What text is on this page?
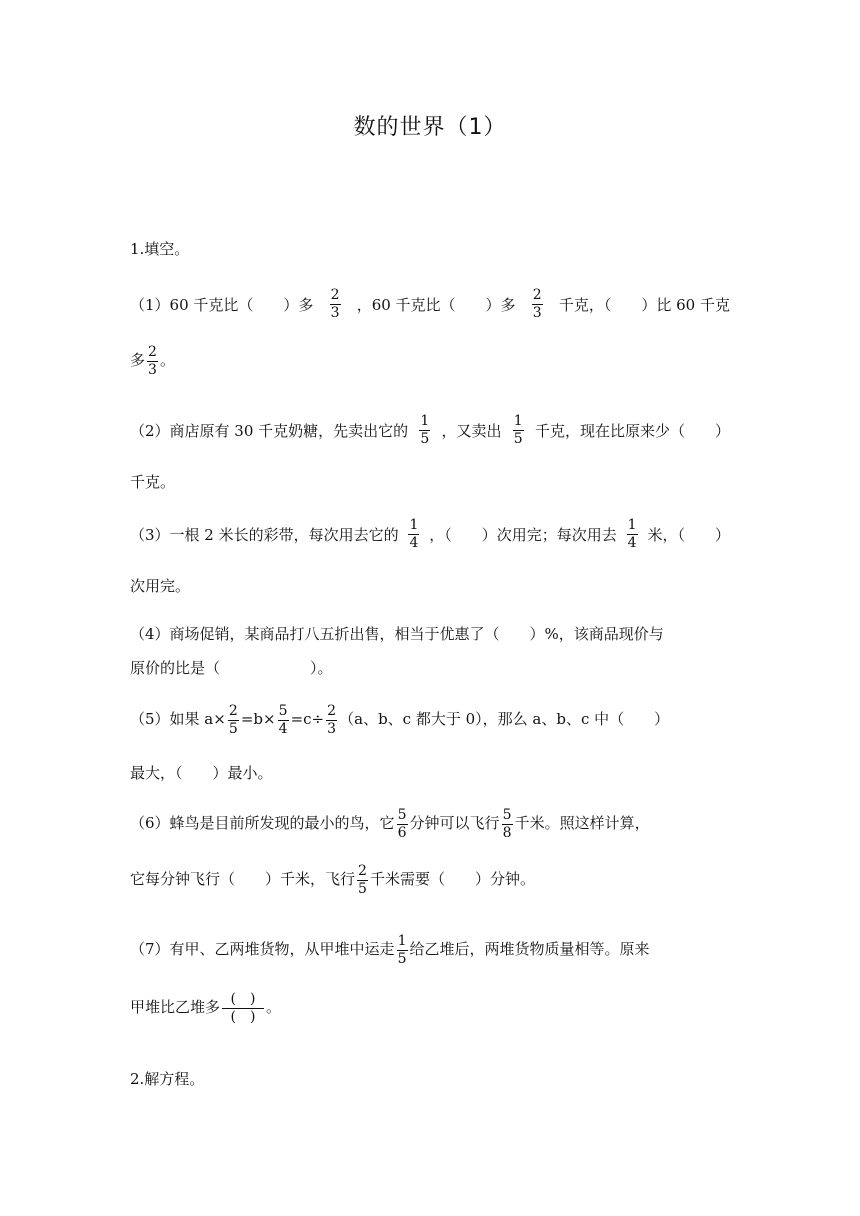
数的世界（1）
1.填空。
（1）60 千克比（　　）多 $\frac{2}{3}$ ，60 千克比（　　）多 $\frac{2}{3}$ 千克，（　　）比 60 千克
多 $\frac{2}{3}$ 。
（2）商店原有 30 千克奶糖，先卖出它的 $\frac{1}{5}$ ，又卖出 $\frac{1}{5}$ 千克，现在比原来少（　　）
千克。
（3）一根 2 米长的彩带，每次用去它的 $\frac{1}{4}$ ，（　　）次用完；每次用去 $\frac{1}{4}$ 米，（　　）
次用完。
（4）商场促销，某商品打八五折出售，相当于优惠了（　　）%，该商品现价与
原价的比是（　　　　　　）。
（5）如果 $a\times \frac{2}{5} =b\times \frac{5}{4} =c\div \frac{2}{3} (a$、b、c 都大于 0），那么 a、b、c 中（　　）
最大，（　　）最小。
（6）蜂鸟是目前所发现的最小的鸟，它 $\frac{5}{6}$ 分钟可以飞行 $\frac{5}{8}$ 千米。照这样计算，
它每分钟飞行（　　）千米，飞行 $\frac{2}{5}$ 千米需要（　　）分钟。
（7）有甲、乙两堆货物，从甲堆中运走 $\frac{1}{5}$ 给乙堆后，两堆货物质量相等。原来
甲堆比乙堆多 $\frac{( )}{( )}$ 。
2.解方程。
